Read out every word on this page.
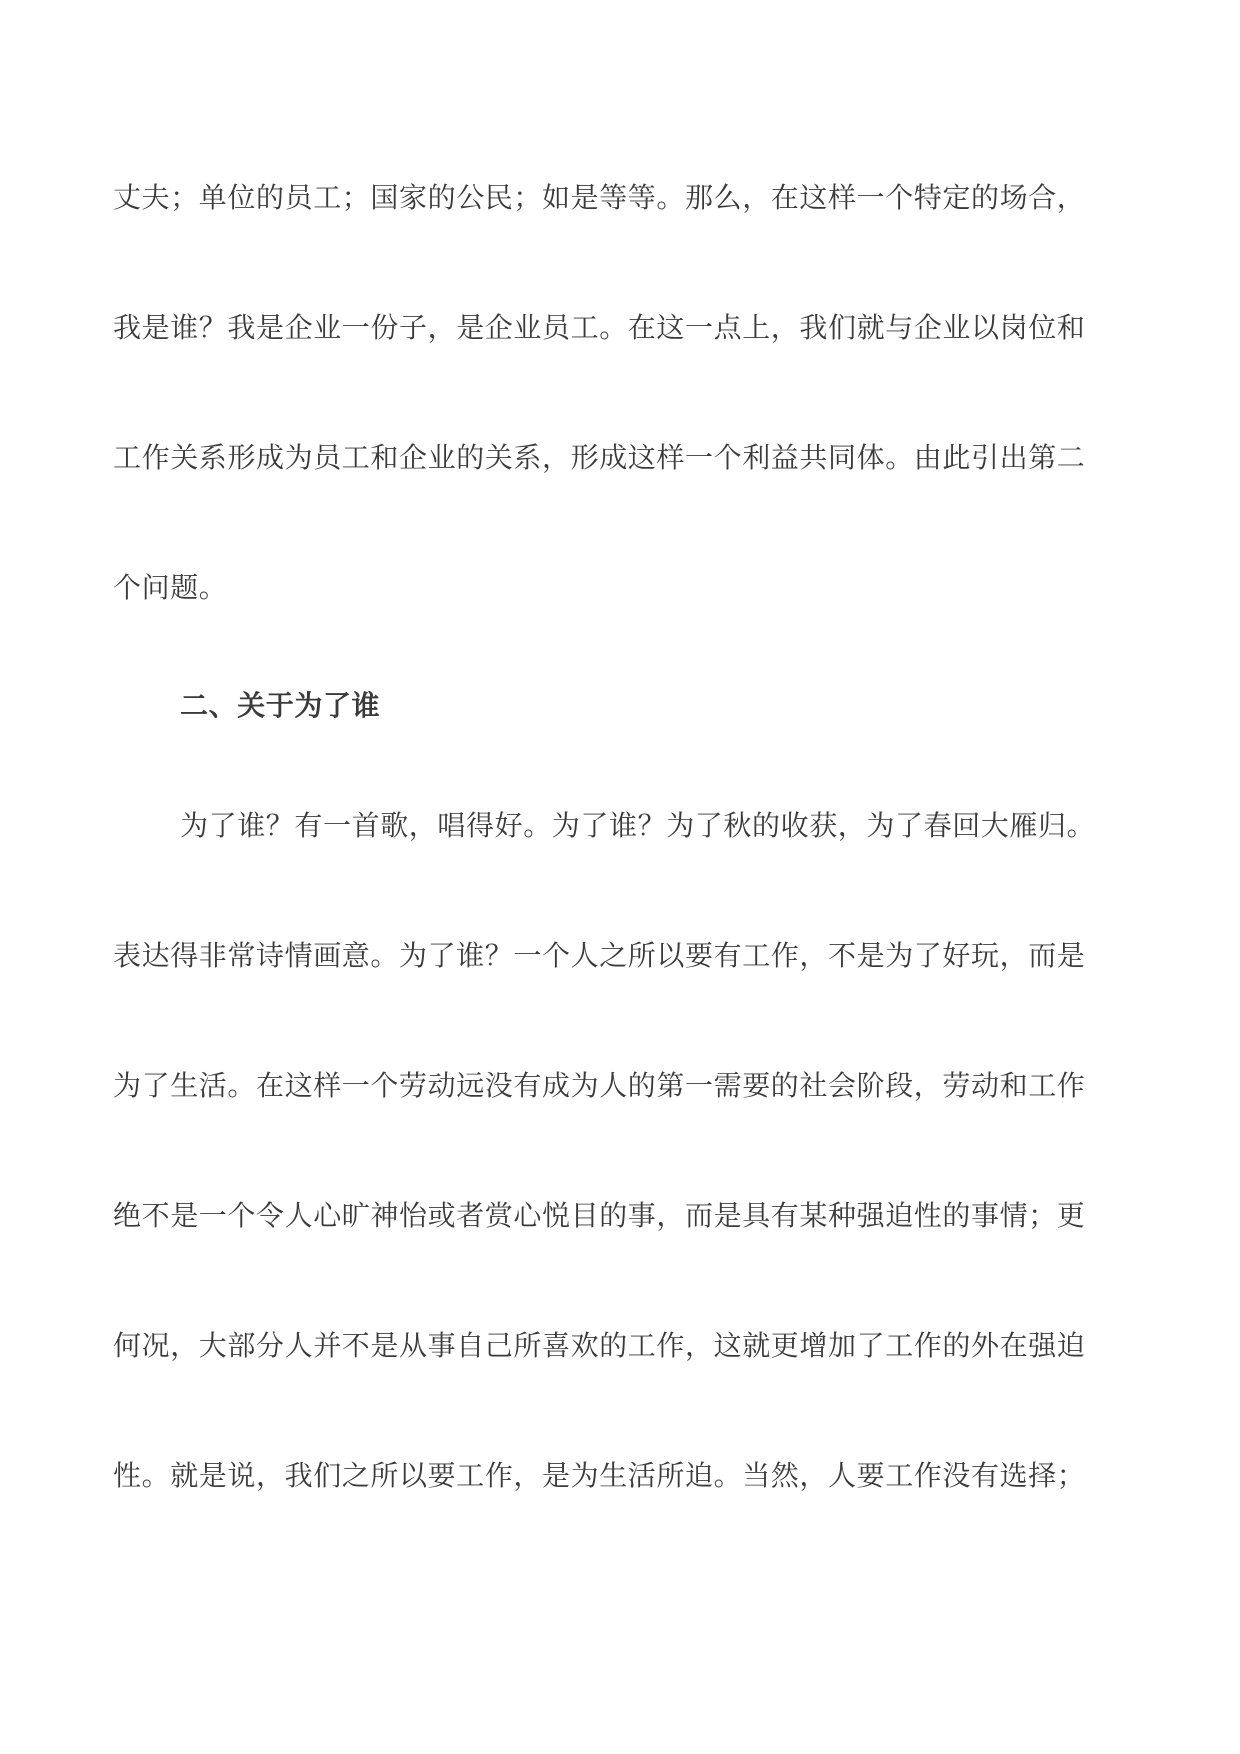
丈夫；单位的员工；国家的公民；如是等等。那么，在这样一个特定的场合，
我是谁？我是企业一份子，是企业员工。在这一点上，我们就与企业以岗位和
工作关系形成为员工和企业的关系，形成这样一个利益共同体。由此引出第二
个问题。
二、关于为了谁
为了谁？有一首歌，唱得好。为了谁？为了秋的收获，为了春回大雁归。
表达得非常诗情画意。为了谁？一个人之所以要有工作，不是为了好玩，而是
为了生活。在这样一个劳动远没有成为人的第一需要的社会阶段，劳动和工作
绝不是一个令人心旷神怡或者赏心悦目的事，而是具有某种强迫性的事情；更
何况，大部分人并不是从事自己所喜欢的工作，这就更增加了工作的外在强迫
性。就是说，我们之所以要工作，是为生活所迫。当然，人要工作没有选择；
